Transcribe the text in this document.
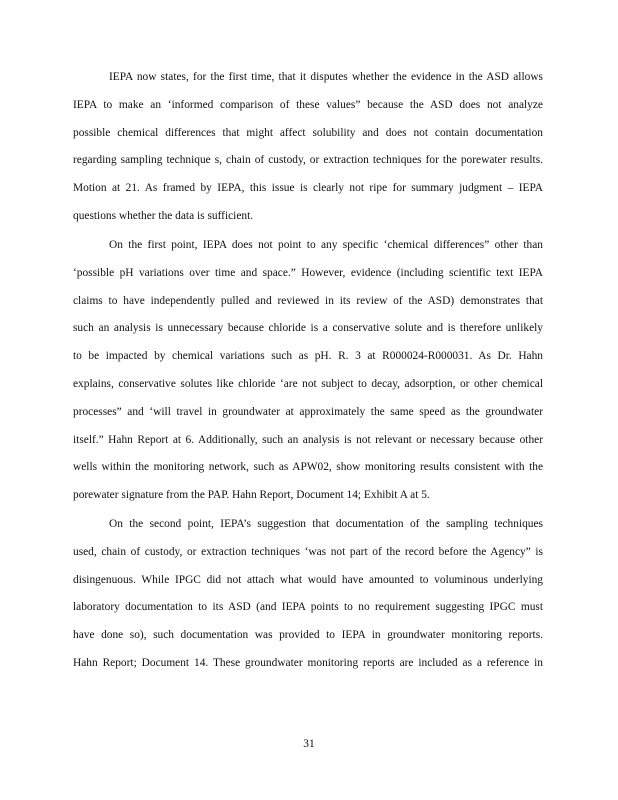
IEPA now states, for the first time, that it disputes whether the evidence in the ASD allows
IEPA to make an ‘informed comparison of these values” because the ASD does not analyze
possible chemical differences that might affect solubility and does not contain documentation
regarding sampling technique s, chain of custody, or extraction techniques for the porewater results.
Motion at 21. As framed by IEPA, this issue is clearly not ripe for summary judgment – IEPA
questions whether the data is sufficient.
On the first point, IEPA does not point to any specific ‘chemical differences” other than
‘possible pH variations over time and space.” However, evidence (including scientific text IEPA
claims to have independently pulled and reviewed in its review of the ASD) demonstrates that
such an analysis is unnecessary because chloride is a conservative solute and is therefore unlikely
to be impacted by chemical variations such as pH. R. 3 at R000024-R000031. As Dr. Hahn
explains, conservative solutes like chloride ‘are not subject to decay, adsorption, or other chemical
processes” and ‘will travel in groundwater at approximately the same speed as the groundwater
itself.” Hahn Report at 6. Additionally, such an analysis is not relevant or necessary because other
wells within the monitoring network, such as APW02, show monitoring results consistent with the
porewater signature from the PAP. Hahn Report, Document 14; Exhibit A at 5.
On the second point, IEPA’s suggestion that documentation of the sampling techniques
used, chain of custody, or extraction techniques ‘was not part of the record before the Agency” is
disingenuous. While IPGC did not attach what would have amounted to voluminous underlying
laboratory documentation to its ASD (and IEPA points to no requirement suggesting IPGC must
have done so), such documentation was provided to IEPA in groundwater monitoring reports.
Hahn Report; Document 14. These groundwater monitoring reports are included as a reference in
31
